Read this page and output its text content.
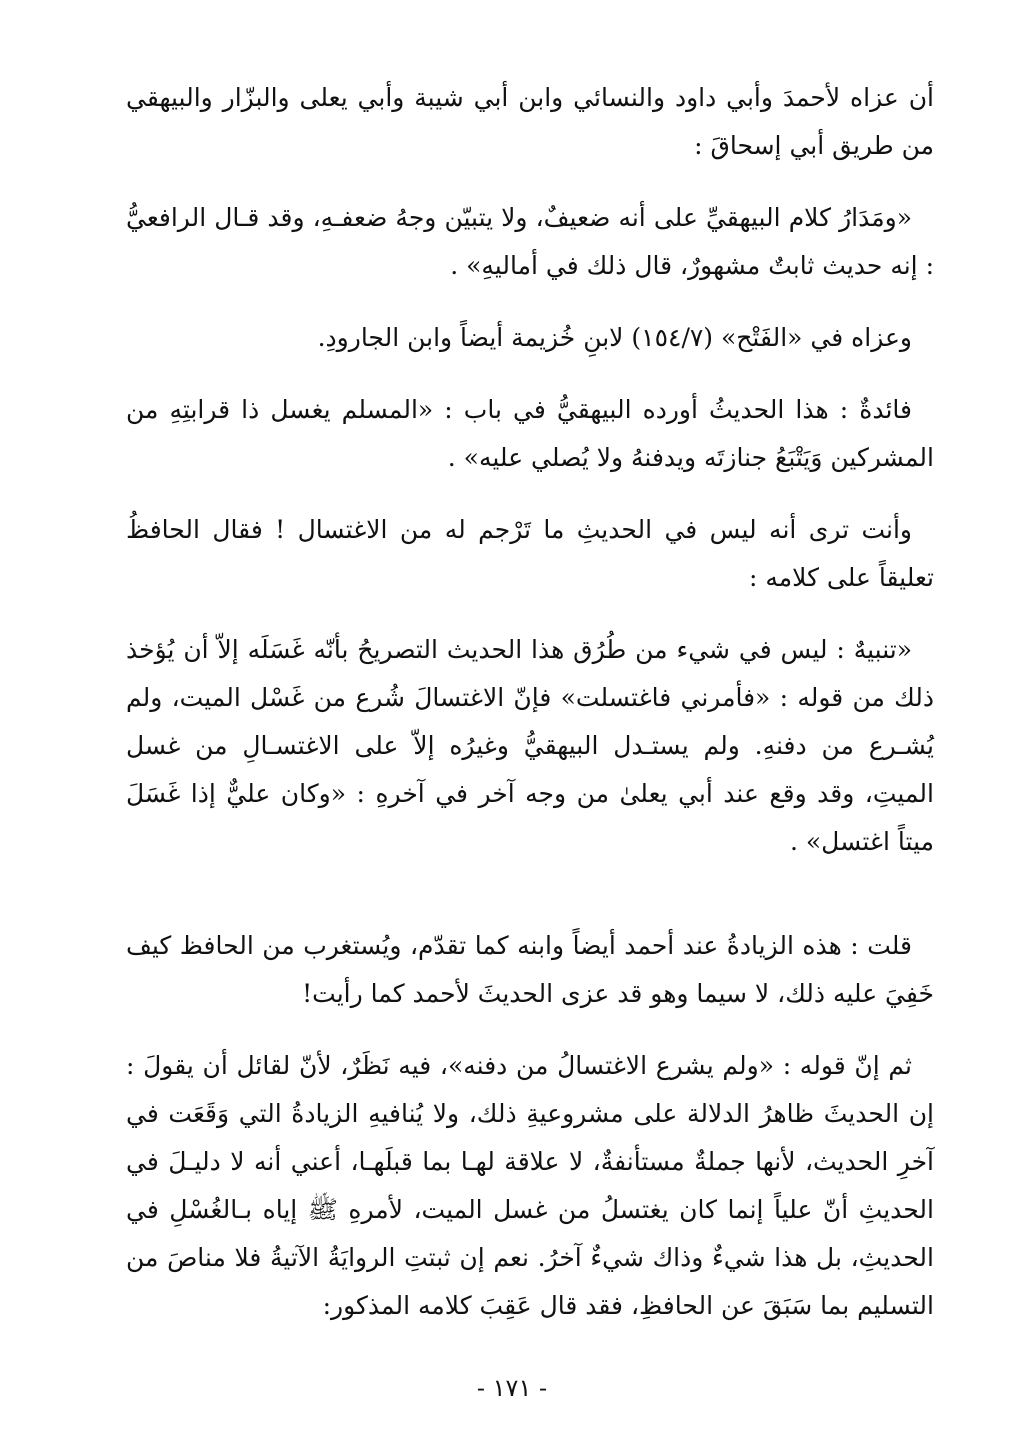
أن عزاه لأحمدَ وأبي داود والنسائي وابن أبي شيبة وأبي يعلى والبزّار والبيهقي من طريق أبي إسحاقَ :

«ومَدَارُ كلام البيهقيِّ على أنه ضعيفٌ، ولا يتبيّن وجهُ ضعفـهِ، وقد قـال الرافعيُّ : إنه حديث ثابتٌ مشهورٌ، قال ذلك في أماليهِ» .

وعزاه في «الفَتْح» (١٥٤/٧) لابنِ خُزيمة أيضاً وابن الجارودِ.

فائدةٌ : هذا الحديثُ أورده البيهقيُّ في باب : «المسلم يغسل ذا قرابتِهِ من المشركين وَيَتْبَعُ جنازتَه ويدفنهُ ولا يُصلي عليه» .

وأنت ترى أنه ليس في الحديثِ ما تَرْجم له من الاغتسال ! فقال الحافظُ تعليقاً على كلامه :

«تنبيهٌ : ليس في شيء من طُرُق هذا الحديث التصريحُ بأنّه غَسَلَه إلاّ أن يُؤخذ ذلك من قوله : «فأمرني فاغتسلت» فإنّ الاغتسالَ شُرع من غَسْل الميت، ولم يُشـرع من دفنهِ. ولم يستـدل البيهقيُّ وغيرُه إلاّ على الاغتسـالِ من غسل الميتِ، وقد وقع عند أبي يعلىٰ من وجه آخر في آخرهِ : «وكان عليٌّ إذا غَسَلَ ميتاً اغتسل» .

قلت : هذه الزيادةُ عند أحمد أيضاً وابنه كما تقدّم، ويُستغرب من الحافظ كيف خَفِيَ عليه ذلك، لا سيما وهو قد عزى الحديثَ لأحمد كما رأيت!

ثم إنّ قوله : «ولم يشرع الاغتسالُ من دفنه»، فيه نَظَرٌ، لأنّ لقائل أن يقولَ : إن الحديثَ ظاهرُ الدلالة على مشروعيةِ ذلك، ولا يُنافيهِ الزيادةُ التي وَقَعَت في آخرِ الحديث، لأنها جملةٌ مستأنفةٌ، لا علاقة لهـا بما قبلَهـا، أعني أنه لا دليـلَ في الحديثِ أنّ علياً إنما كان يغتسلُ من غسل الميت، لأمرهِ ﷺ إياه بـالغُسْلِ في الحديثِ، بل هذا شيءٌ وذاك شيءٌ آخرُ. نعم إن ثبتتِ الروايَةُ الآتيةُ فلا مناصَ من التسليم بما سَبَقَ عن الحافظِ، فقد قال عَقِبَ كلامه المذكور:

- ١٧١ -
